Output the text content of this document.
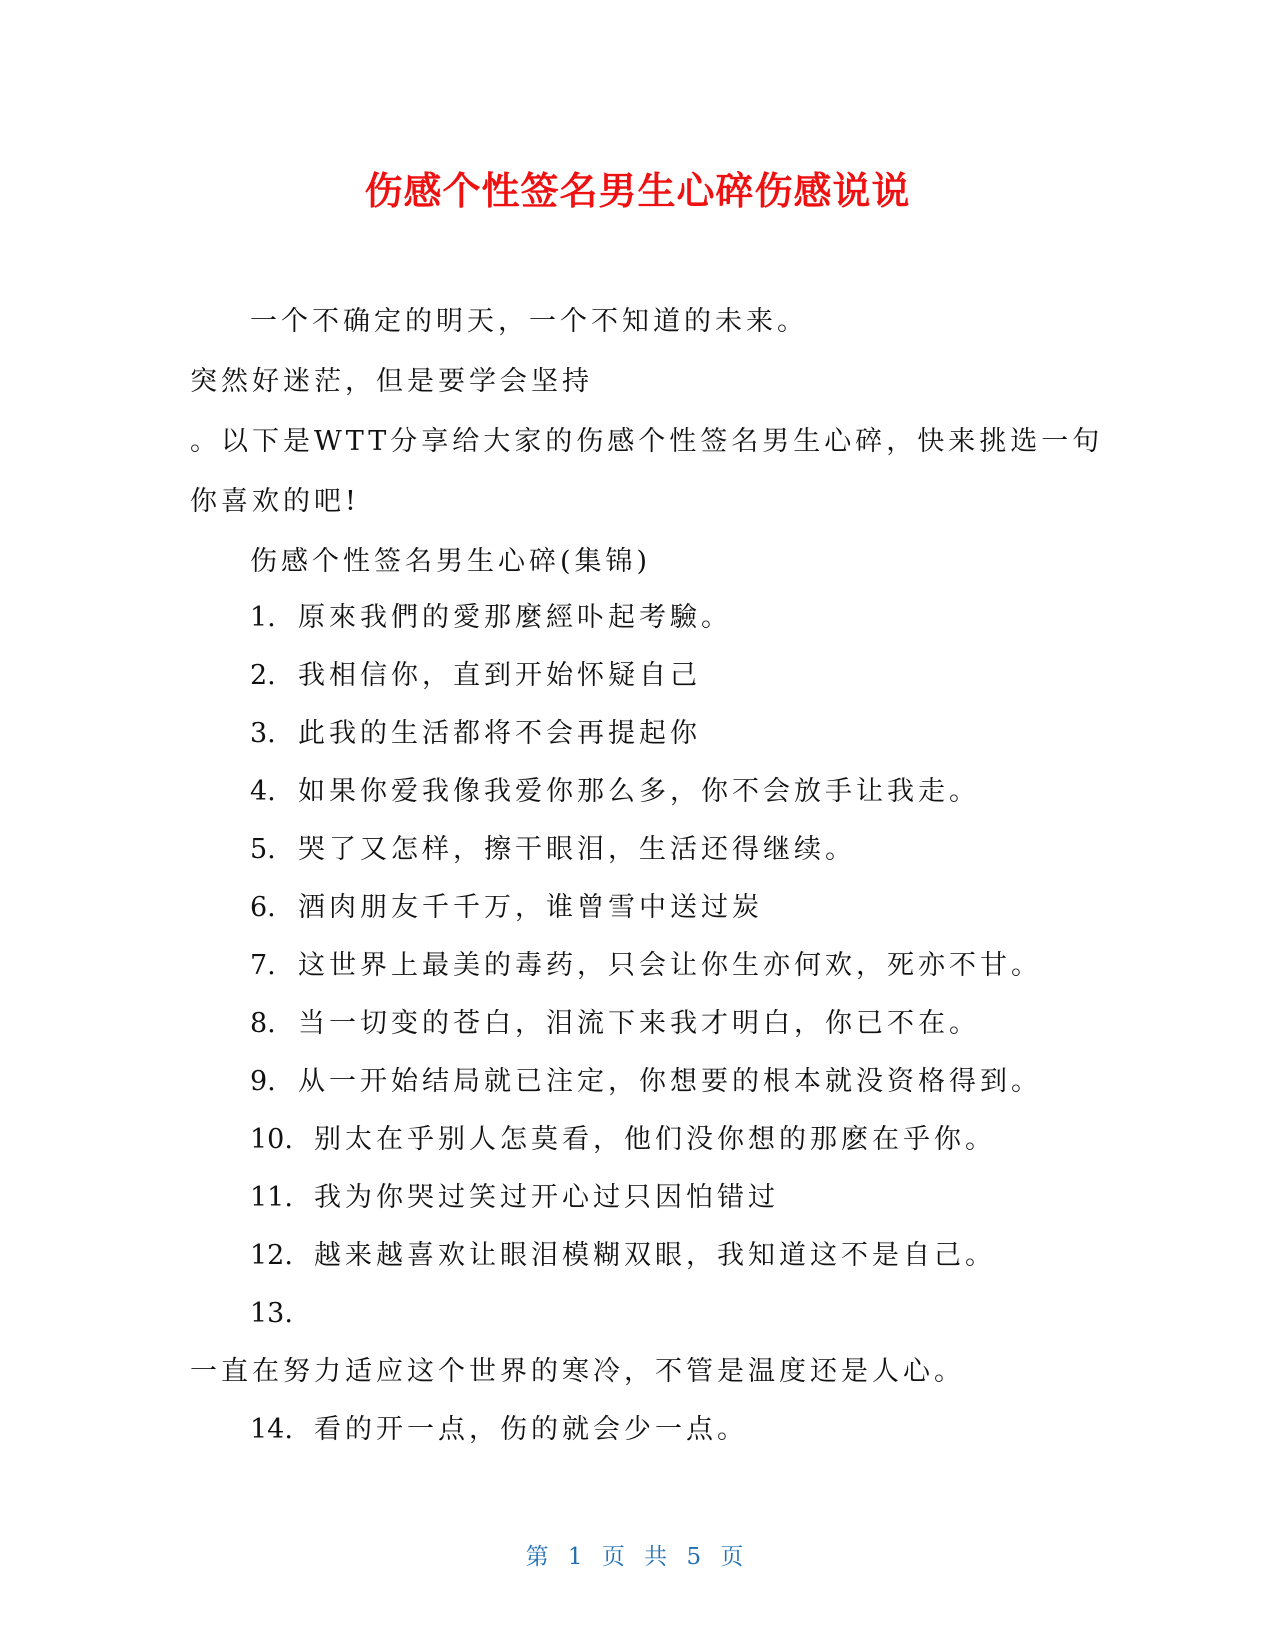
伤感个性签名男生心碎伤感说说
一个不确定的明天，一个不知道的未来。
突然好迷茫，但是要学会坚持
。以下是WTT分享给大家的伤感个性签名男生心碎，快来挑选一句
你喜欢的吧!
伤感个性签名男生心碎(集锦)
1. 原來我們的愛那麼經卟起考驗。
2. 我相信你，直到开始怀疑自己
3. 此我的生活都将不会再提起你
4. 如果你爱我像我爱你那么多，你不会放手让我走。
5. 哭了又怎样，擦干眼泪，生活还得继续。
6. 酒肉朋友千千万，谁曾雪中送过炭
7. 这世界上最美的毒药，只会让你生亦何欢，死亦不甘。
8. 当一切变的苍白，泪流下来我才明白，你已不在。
9. 从一开始结局就已注定，你想要的根本就没资格得到。
10. 别太在乎别人怎莫看，他们没你想的那麽在乎你。
11. 我为你哭过笑过开心过只因怕错过
12. 越来越喜欢让眼泪模糊双眼，我知道这不是自己。
13.
一直在努力适应这个世界的寒冷，不管是温度还是人心。
14. 看的开一点，伤的就会少一点。
第 1 页 共 5 页
